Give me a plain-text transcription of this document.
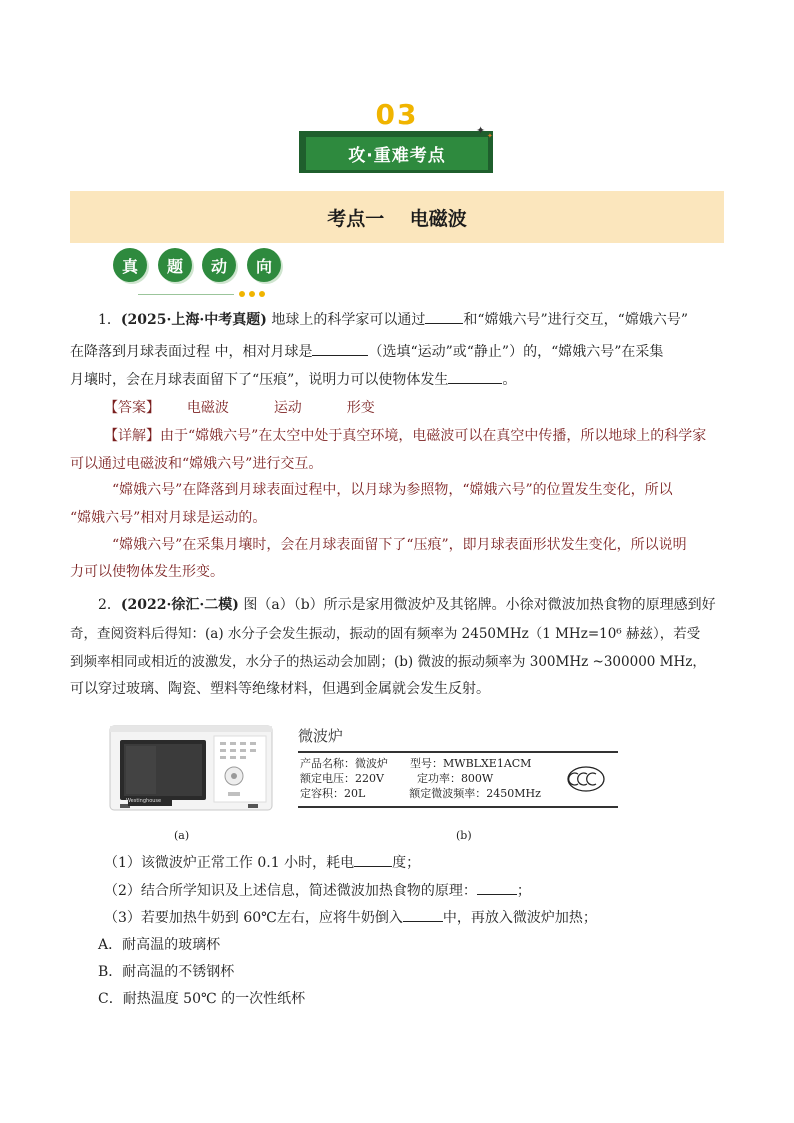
03
攻·重难考点
✦ ✦
考点一　 电磁波
真	题	动	向
1．(2025·上海·中考真题) 地球上的科学家可以通过	和“嫦娥六号”进行交互，“嫦娥六号”
在降落到月球表面过程 中，相对月球是	（选填“运动”或“静止”）的，“嫦娥六号”在采集
月壤时，会在月球表面留下了“压痕”，说明力可以使物体发生	。
【答案】 电磁波	运动	形变
【详解】由于“嫦娥六号”在太空中处于真空环境，电磁波可以在真空中传播，所以地球上的科学家
可以通过电磁波和“嫦娥六号”进行交互。
“嫦娥六号”在降落到月球表面过程中，以月球为参照物，“嫦娥六号”的位置发生变化，所以
“嫦娥六号”相对月球是运动的。
“嫦娥六号”在采集月壤时，会在月球表面留下了“压痕”，即月球表面形状发生变化，所以说明
力可以使物体发生形变。
2．(2022·徐汇·二模) 图（a）（b）所示是家用微波炉及其铭牌。小徐对微波加热食物的原理感到好
奇，查阅资料后得知：(a) 水分子会发生振动，振动的固有频率为 2450MHz（1 MHz=10⁶ 赫兹），若受
到频率相同或相近的波激发，水分子的热运动会加剧；(b) 微波的振动频率为 300MHz ~300000 MHz，
可以穿过玻璃、陶瓷、塑料等绝缘材料，但遇到金属就会发生反射。
Westinghouse
微波炉
产品名称：微波炉　　型号：MWBLXE1ACM
额定电压：220V　　　定功率：800W
定容积：20L　　　　额定微波频率：2450MHz
(a)	(b)
（1）该微波炉正常工作 0.1 小时，耗电	度；
（2）结合所学知识及上述信息，简述微波加热食物的原理：	；
（3）若要加热牛奶到 60℃左右，应将牛奶倒入	中，再放入微波炉加热；
A．耐高温的玻璃杯
B．耐高温的不锈钢杯
C．耐热温度 50℃ 的一次性纸杯
